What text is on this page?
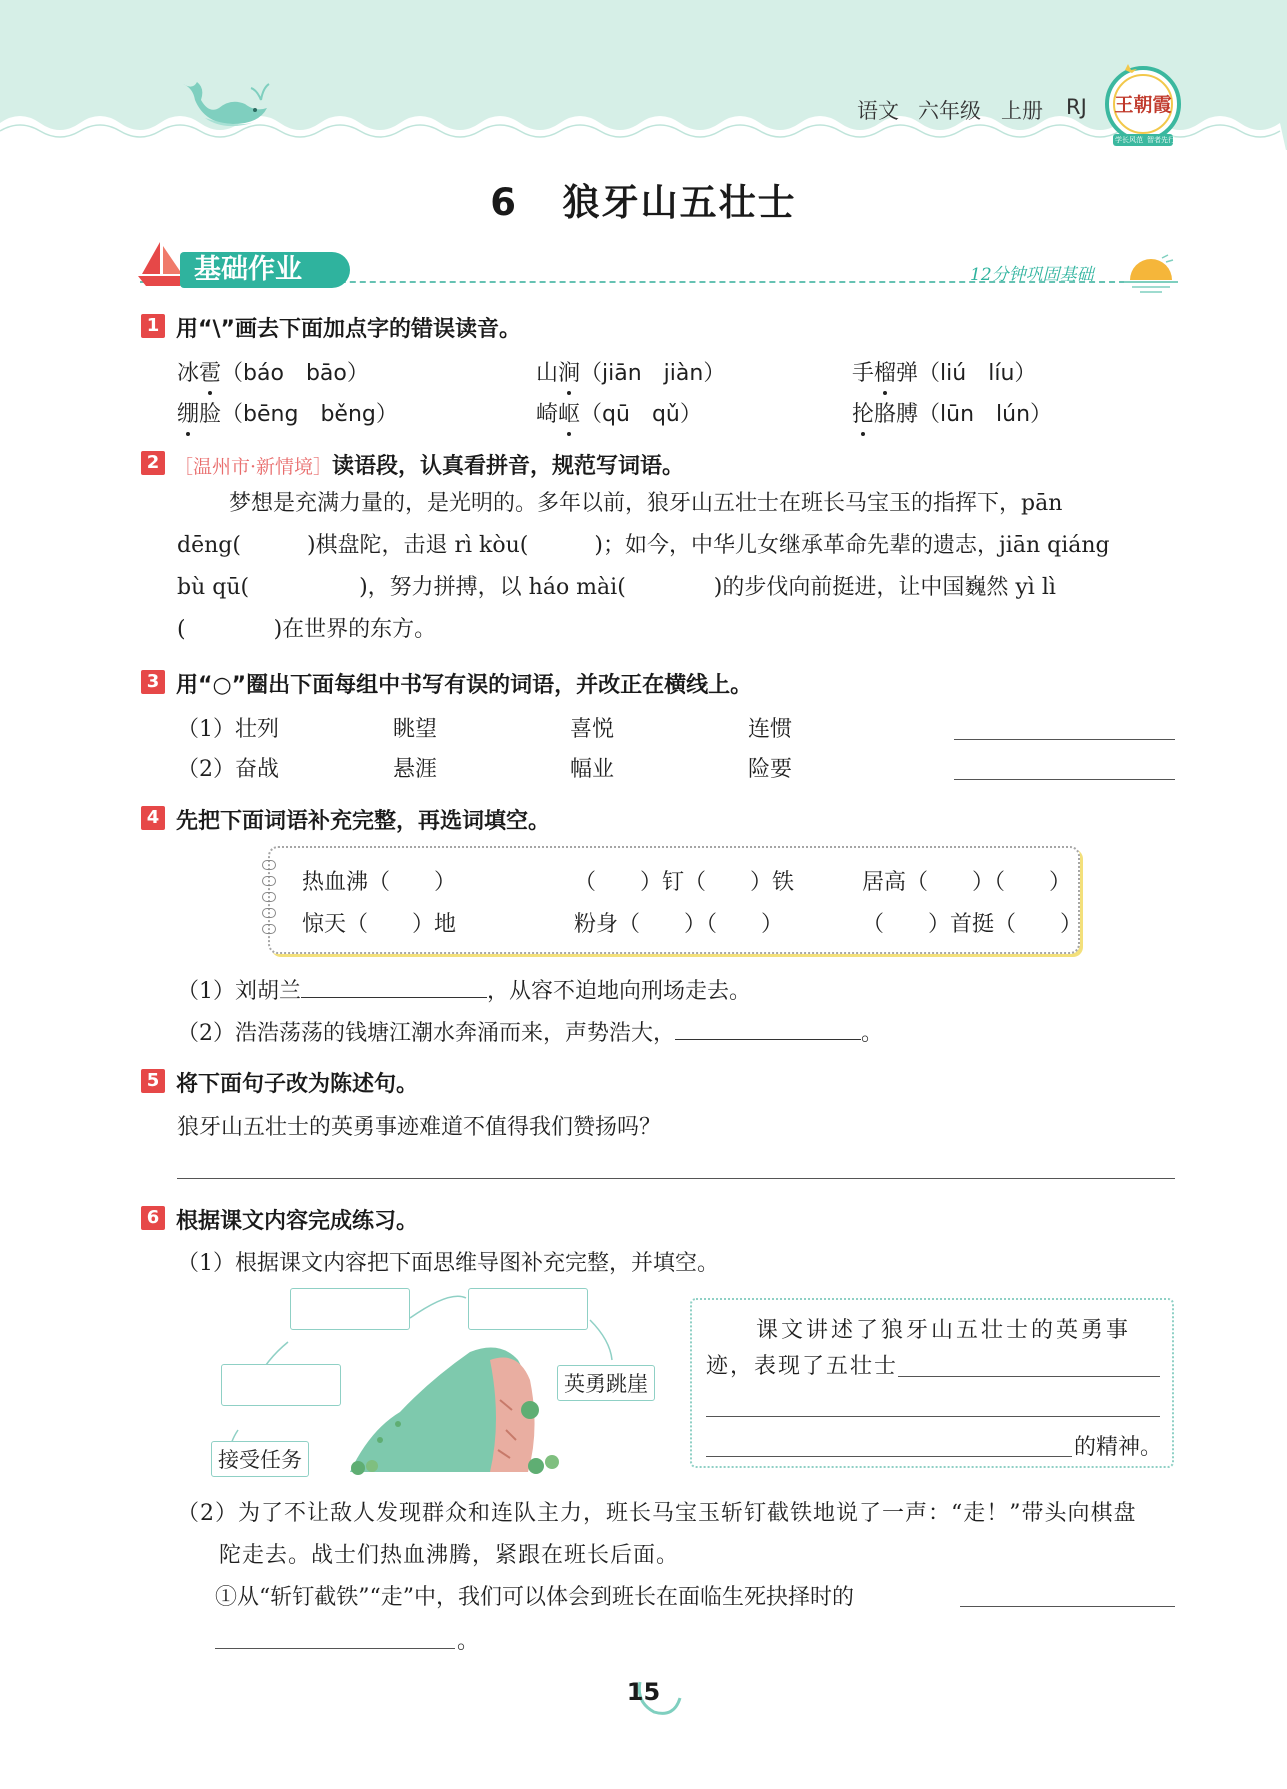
语文 六年级 上册 RJ	王朝霞
学长风范 智者先行
6   狼牙山五壮士
基础作业	12分钟巩固基础
1 用“\”画去下面加点字的错误读音。
冰雹（báo　bāo）	山涧（jiān　jiàn）	手榴弹（liú　líu）
绷脸（bēng　běng）	崎岖（qū　qǔ）	抡胳膊（lūn　lún）
2 ［温州市·新情境］读语段，认真看拼音，规范写词语。
梦想是充满力量的，是光明的。多年以前，狼牙山五壮士在班长马宝玉的指挥下，pān
dēng(　　　)棋盘陀，击退 rì kòu(　　　)；如今，中华儿女继承革命先辈的遗志，jiān qiáng
bù qū(　　　　　)，努力拼搏，以 háo mài(　　　　)的步伐向前挺进，让中国巍然 yì lì
(　　　　)在世界的东方。
3 用“○”圈出下面每组中书写有误的词语，并改正在横线上。
（1）壮列	眺望	喜悦	连惯
（2）奋战	悬涯	幅业	险要
4 先把下面词语补充完整，再选词填空。
热血沸（　　）	（　　）钉（　　）铁	居高（　　）（　　）
惊天（　　）地	粉身（　　）（　　）	（　　）首挺（　　）
（1）刘胡兰	，从容不迫地向刑场走去。
（2）浩浩荡荡的钱塘江潮水奔涌而来，声势浩大，	。
5 将下面句子改为陈述句。
狼牙山五壮士的英勇事迹难道不值得我们赞扬吗？
6 根据课文内容完成练习。
（1）根据课文内容把下面思维导图补充完整，并填空。
接受任务
英勇跳崖
课文讲述了狼牙山五壮士的英勇事
迹，表现了五壮士
的精神。
（2）为了不让敌人发现群众和连队主力，班长马宝玉斩钉截铁地说了一声：“走！”带头向棋盘
陀走去。战士们热血沸腾，紧跟在班长后面。
①从“斩钉截铁”“走”中，我们可以体会到班长在面临生死抉择时的
。
15
